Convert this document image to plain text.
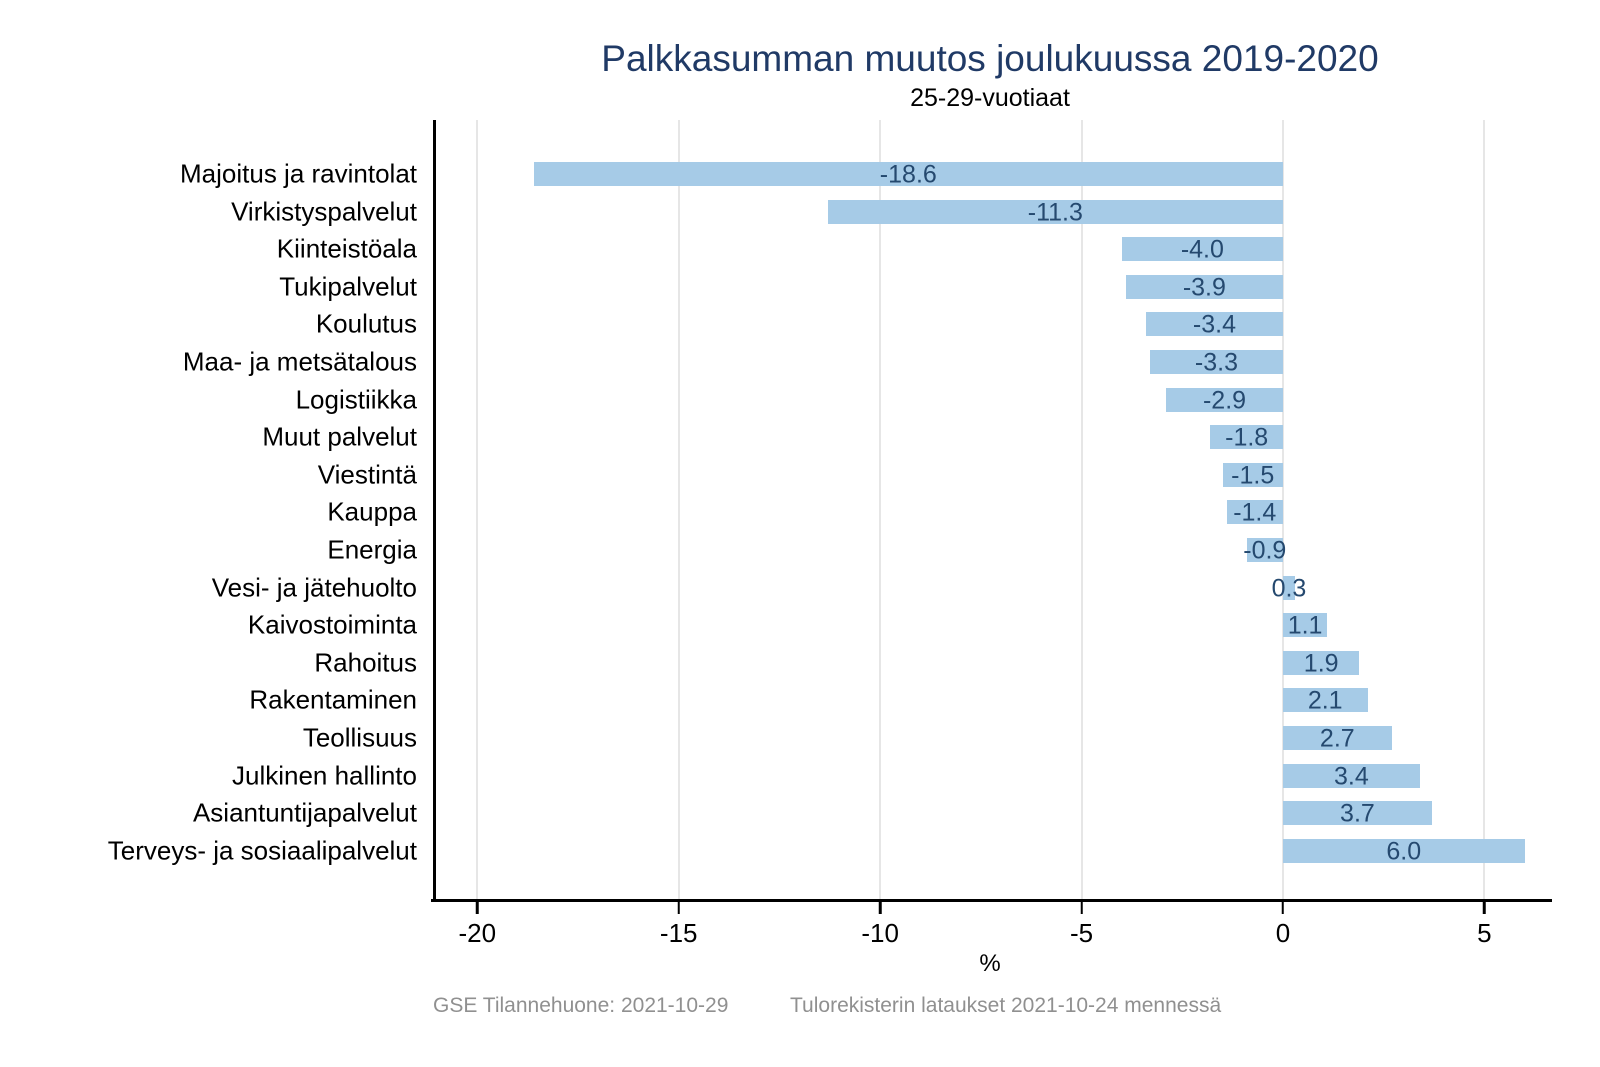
Palkkasumman muutos joulukuussa 2019-2020
25-29-vuotiaat
-18.6
-11.3
-4.0
-3.9
-3.4
-3.3
-2.9
-1.8
-1.5
-1.4
-0.9
0.3
1.1
1.9
2.1
2.7
3.4
3.7
6.0
-20	-15	-10	-5	0	5
%
Majoitus ja ravintolat
Virkistyspalvelut
Kiinteistöala
Tukipalvelut
Koulutus
Maa- ja metsätalous
Logistiikka
Muut palvelut
Viestintä
Kauppa
Energia
Vesi- ja jätehuolto
Kaivostoiminta
Rahoitus
Rakentaminen
Teollisuus
Julkinen hallinto
Asiantuntijapalvelut
Terveys- ja sosiaalipalvelut
GSE Tilannehuone: 2021-10-29	Tulorekisterin lataukset 2021-10-24 mennessä
